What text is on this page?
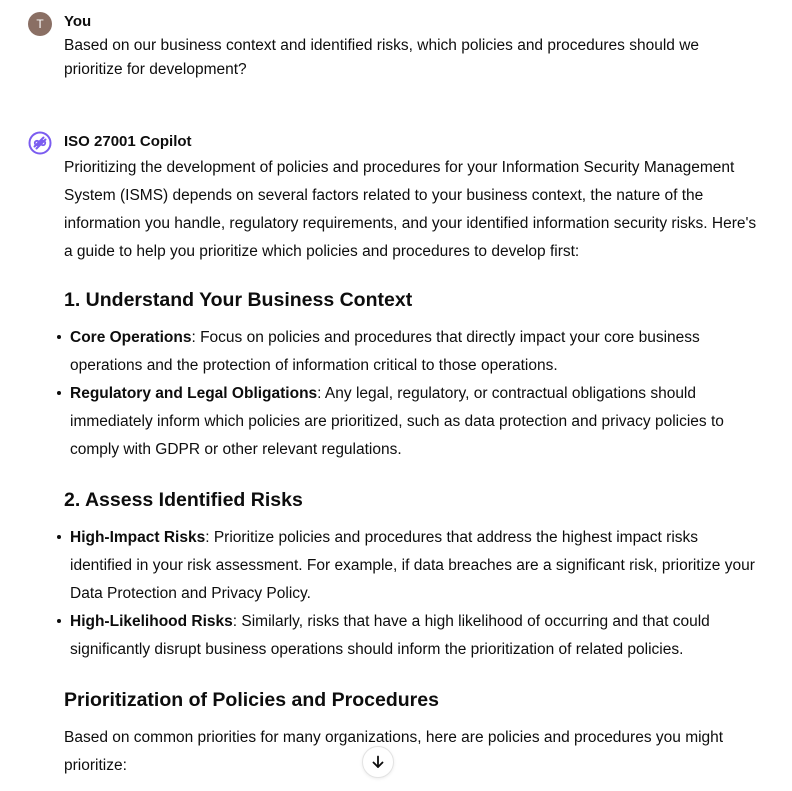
T	You
Based on our business context and identified risks, which policies and procedures should we prioritize for development?
ISO 27001 Copilot

Prioritizing the development of policies and procedures for your Information Security Management System (ISMS) depends on several factors related to your business context, the nature of the information you handle, regulatory requirements, and your identified information security risks. Here's a guide to help you prioritize which policies and procedures to develop first:

1. Understand Your Business Context
Core Operations: Focus on policies and procedures that directly impact your core business operations and the protection of information critical to those operations.
Regulatory and Legal Obligations: Any legal, regulatory, or contractual obligations should immediately inform which policies are prioritized, such as data protection and privacy policies to comply with GDPR or other relevant regulations.
2. Assess Identified Risks
High-Impact Risks: Prioritize policies and procedures that address the highest impact risks identified in your risk assessment. For example, if data breaches are a significant risk, prioritize your Data Protection and Privacy Policy.
High-Likelihood Risks: Similarly, risks that have a high likelihood of occurring and that could significantly disrupt business operations should inform the prioritization of related policies.
Prioritization of Policies and Procedures

Based on common priorities for many organizations, here are policies and procedures you might prioritize:
